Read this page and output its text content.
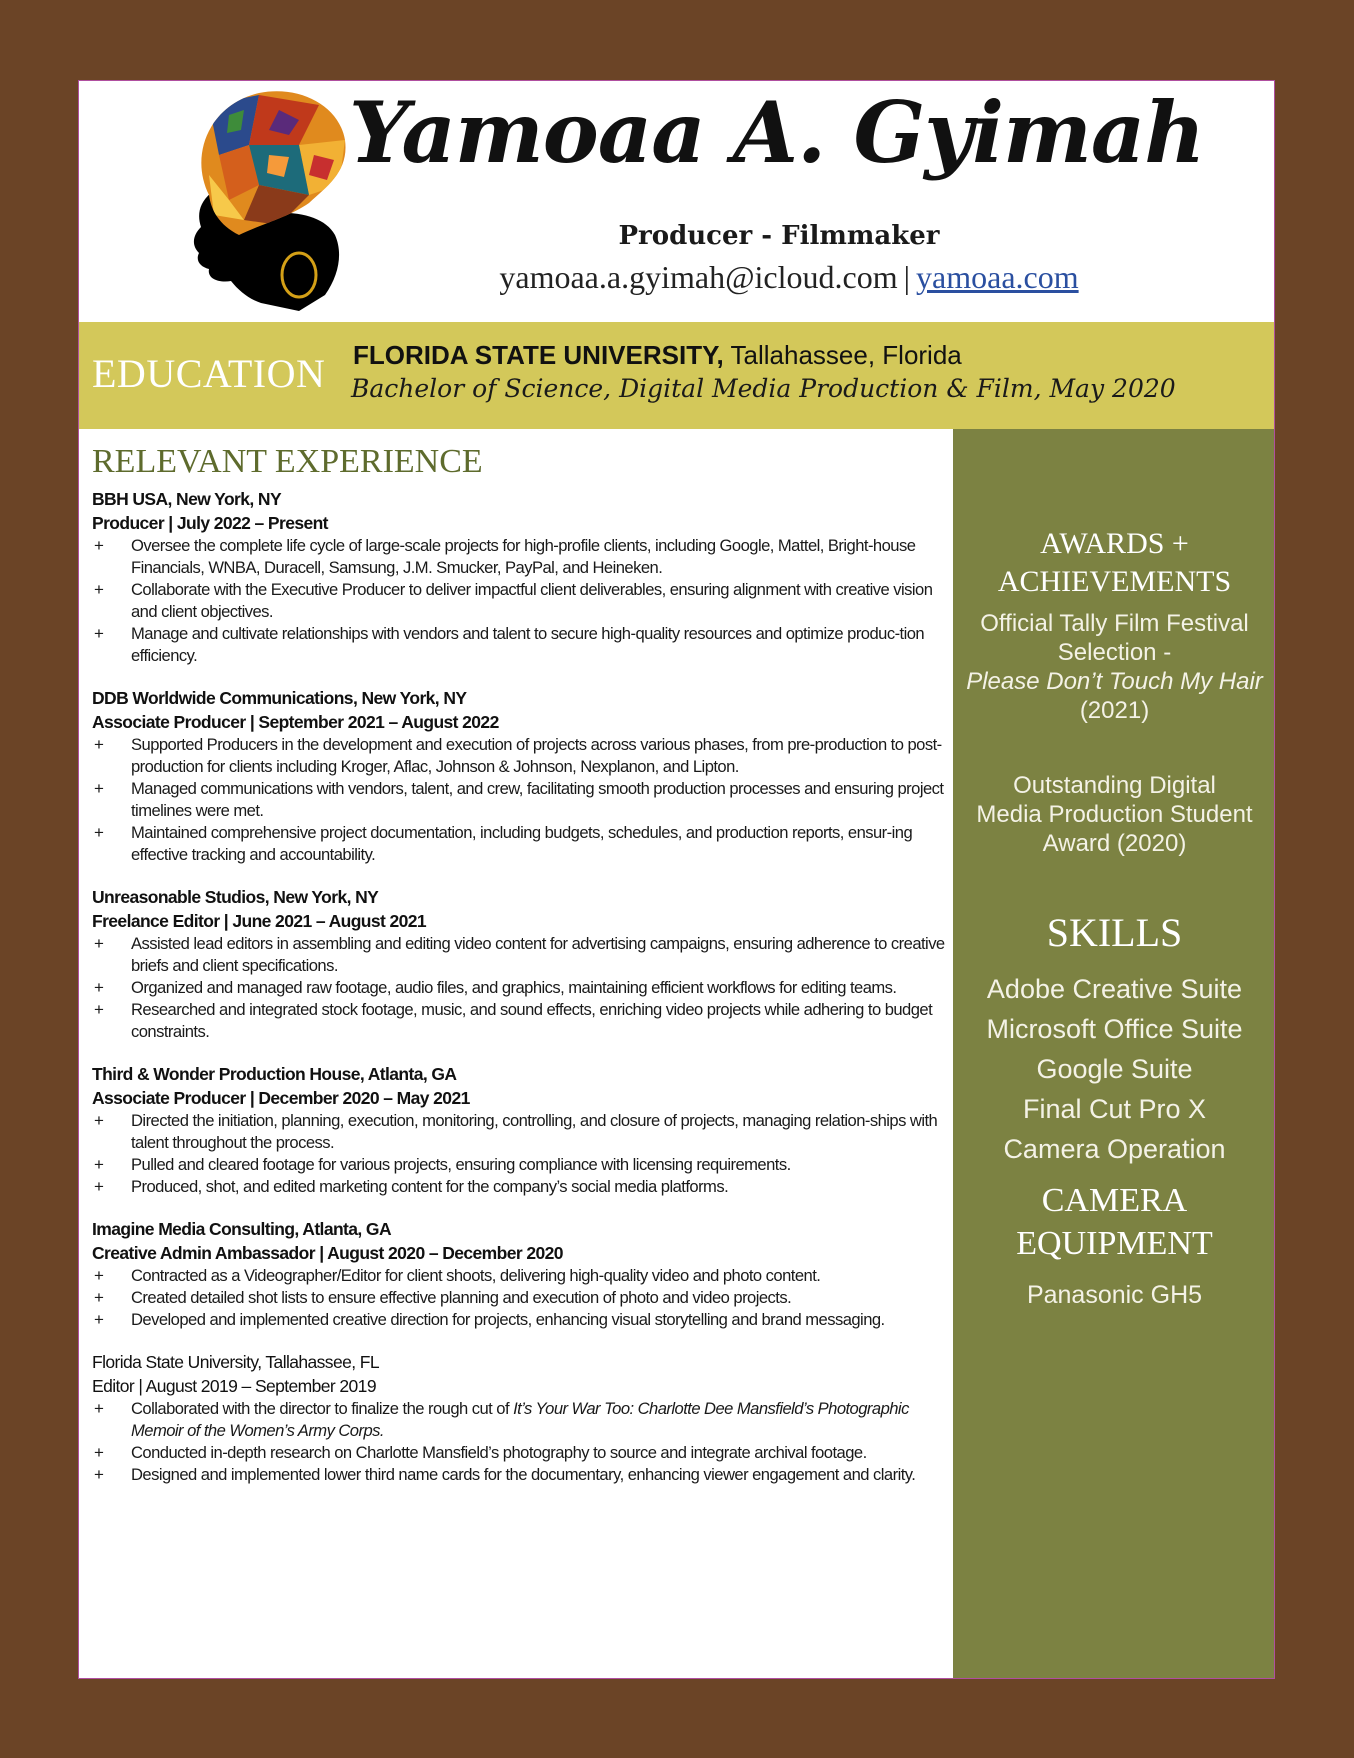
Yamoaa A. Gyimah
Producer - Filmmaker
yamoaa.a.gyimah@icloud.com | yamoaa.com
EDUCATION FLORIDA STATE UNIVERSITY, Tallahassee, Florida
Bachelor of Science, Digital Media Production & Film, May 2020
RELEVANT EXPERIENCE
BBH USA, New York, NY
Producer | July 2022 – Present
+ Oversee the complete life cycle of large-scale projects for high-profile clients, including Google, Mattel, Bright-house Financials, WNBA, Duracell, Samsung, J.M. Smucker, PayPal, and Heineken.
+ Collaborate with the Executive Producer to deliver impactful client deliverables, ensuring alignment with creative vision and client objectives.
+ Manage and cultivate relationships with vendors and talent to secure high-quality resources and optimize produc-tion efficiency.
DDB Worldwide Communications, New York, NY
Associate Producer | September 2021 – August 2022
+ Supported Producers in the development and execution of projects across various phases, from pre-production to post-production for clients including Kroger, Aflac, Johnson & Johnson, Nexplanon, and Lipton.
+ Managed communications with vendors, talent, and crew, facilitating smooth production processes and ensuring project timelines were met.
+ Maintained comprehensive project documentation, including budgets, schedules, and production reports, ensur-ing effective tracking and accountability.
Unreasonable Studios, New York, NY
Freelance Editor | June 2021 – August 2021
+ Assisted lead editors in assembling and editing video content for advertising campaigns, ensuring adherence to creative briefs and client specifications.
+ Organized and managed raw footage, audio files, and graphics, maintaining efficient workflows for editing teams.
+ Researched and integrated stock footage, music, and sound effects, enriching video projects while adhering to budget constraints.
Third & Wonder Production House, Atlanta, GA
Associate Producer | December 2020 – May 2021
+ Directed the initiation, planning, execution, monitoring, controlling, and closure of projects, managing relation-ships with talent throughout the process.
+ Pulled and cleared footage for various projects, ensuring compliance with licensing requirements.
+ Produced, shot, and edited marketing content for the company’s social media platforms.
Imagine Media Consulting, Atlanta, GA
Creative Admin Ambassador | August 2020 – December 2020
+ Contracted as a Videographer/Editor for client shoots, delivering high-quality video and photo content.
+ Created detailed shot lists to ensure effective planning and execution of photo and video projects.
+ Developed and implemented creative direction for projects, enhancing visual storytelling and brand messaging.
Florida State University, Tallahassee, FL
Editor | August 2019 – September 2019
+ Collaborated with the director to finalize the rough cut of It’s Your War Too: Charlotte Dee Mansfield’s Photographic Memoir of the Women’s Army Corps.
+ Conducted in-depth research on Charlotte Mansfield’s photography to source and integrate archival footage.
+ Designed and implemented lower third name cards for the documentary, enhancing viewer engagement and clarity.
AWARDS +
ACHIEVEMENTS
Official Tally Film Festival
Selection -
Please Don’t Touch My Hair
(2021)
Outstanding Digital
Media Production Student
Award (2020)
SKILLS
Adobe Creative Suite
Microsoft Office Suite
Google Suite
Final Cut Pro X
Camera Operation
CAMERA
EQUIPMENT
Panasonic GH5
